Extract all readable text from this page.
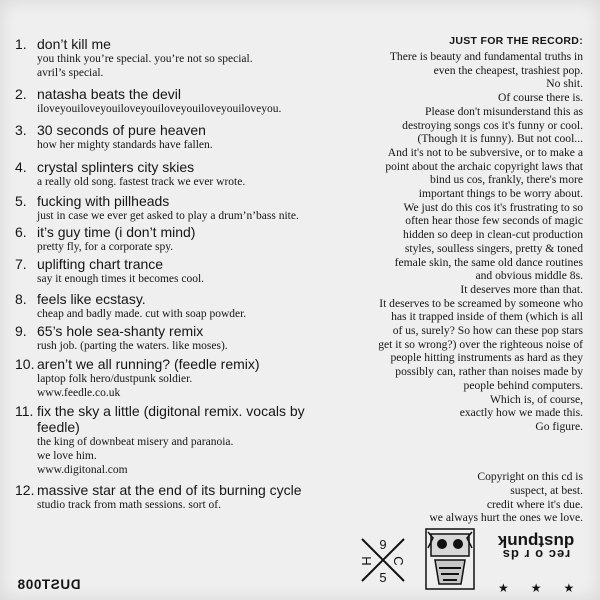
1. don’t kill me
you think you’re special. you’re not so special.
avril’s special.
2. natasha beats the devil
iloveyouiloveyouiloveyouiloveyouiloveyouiloveyou.
3. 30 seconds of pure heaven
how her mighty standards have fallen.
4. crystal splinters city skies
a really old song. fastest track we ever wrote.
5. fucking with pillheads
just in case we ever get asked to play a drum’n’bass nite.
6. it’s guy time (i don’t mind)
pretty fly, for a corporate spy.
7. uplifting chart trance
say it enough times it becomes cool.
8. feels like ecstasy.
cheap and badly made. cut with soap powder.
9. 65’s hole sea-shanty remix
rush job. (parting the waters. like moses).
10. aren’t we all running? (feedle remix)
laptop folk hero/dustpunk soldier.
www.feedle.co.uk
11. fix the sky a little (digitonal remix. vocals by feedle)
the king of downbeat misery and paranoia.
we love him.
www.digitonal.com
12. massive star at the end of its burning cycle
studio track from math sessions. sort of.
JUST FOR THE RECORD:
There is beauty and fundamental truths in
even the cheapest, trashiest pop.
No shit.
Of course there is.
Please don't misunderstand this as
destroying songs cos it's funny or cool.
(Though it is funny). But not cool...
And it's not to be subversive, or to make a
point about the archaic copyright laws that
bind us cos, frankly, there's more
important things to be worry about.
We just do this cos it's frustrating to so
often hear those few seconds of magic
hidden so deep in clean-cut production
styles, soulless singers, pretty & toned
female skin, the same old dance routines
and obvious middle 8s.
It deserves more than that.
It deserves to be screamed by someone who
has it trapped inside of them (which is all
of us, surely? So how can these pop stars
get it so wrong?) over the righteous noise of
people hitting instruments as hard as they
possibly can, rather than noises made by
people behind computers.
Which is, of course,
exactly how we made this.
Go figure.
Copyright on this cd is
suspect, at best.
credit where it's due.
we always hurt the ones we love.
DUST008
6
C
H
5
rec o r ds
dustpunk
★★★
